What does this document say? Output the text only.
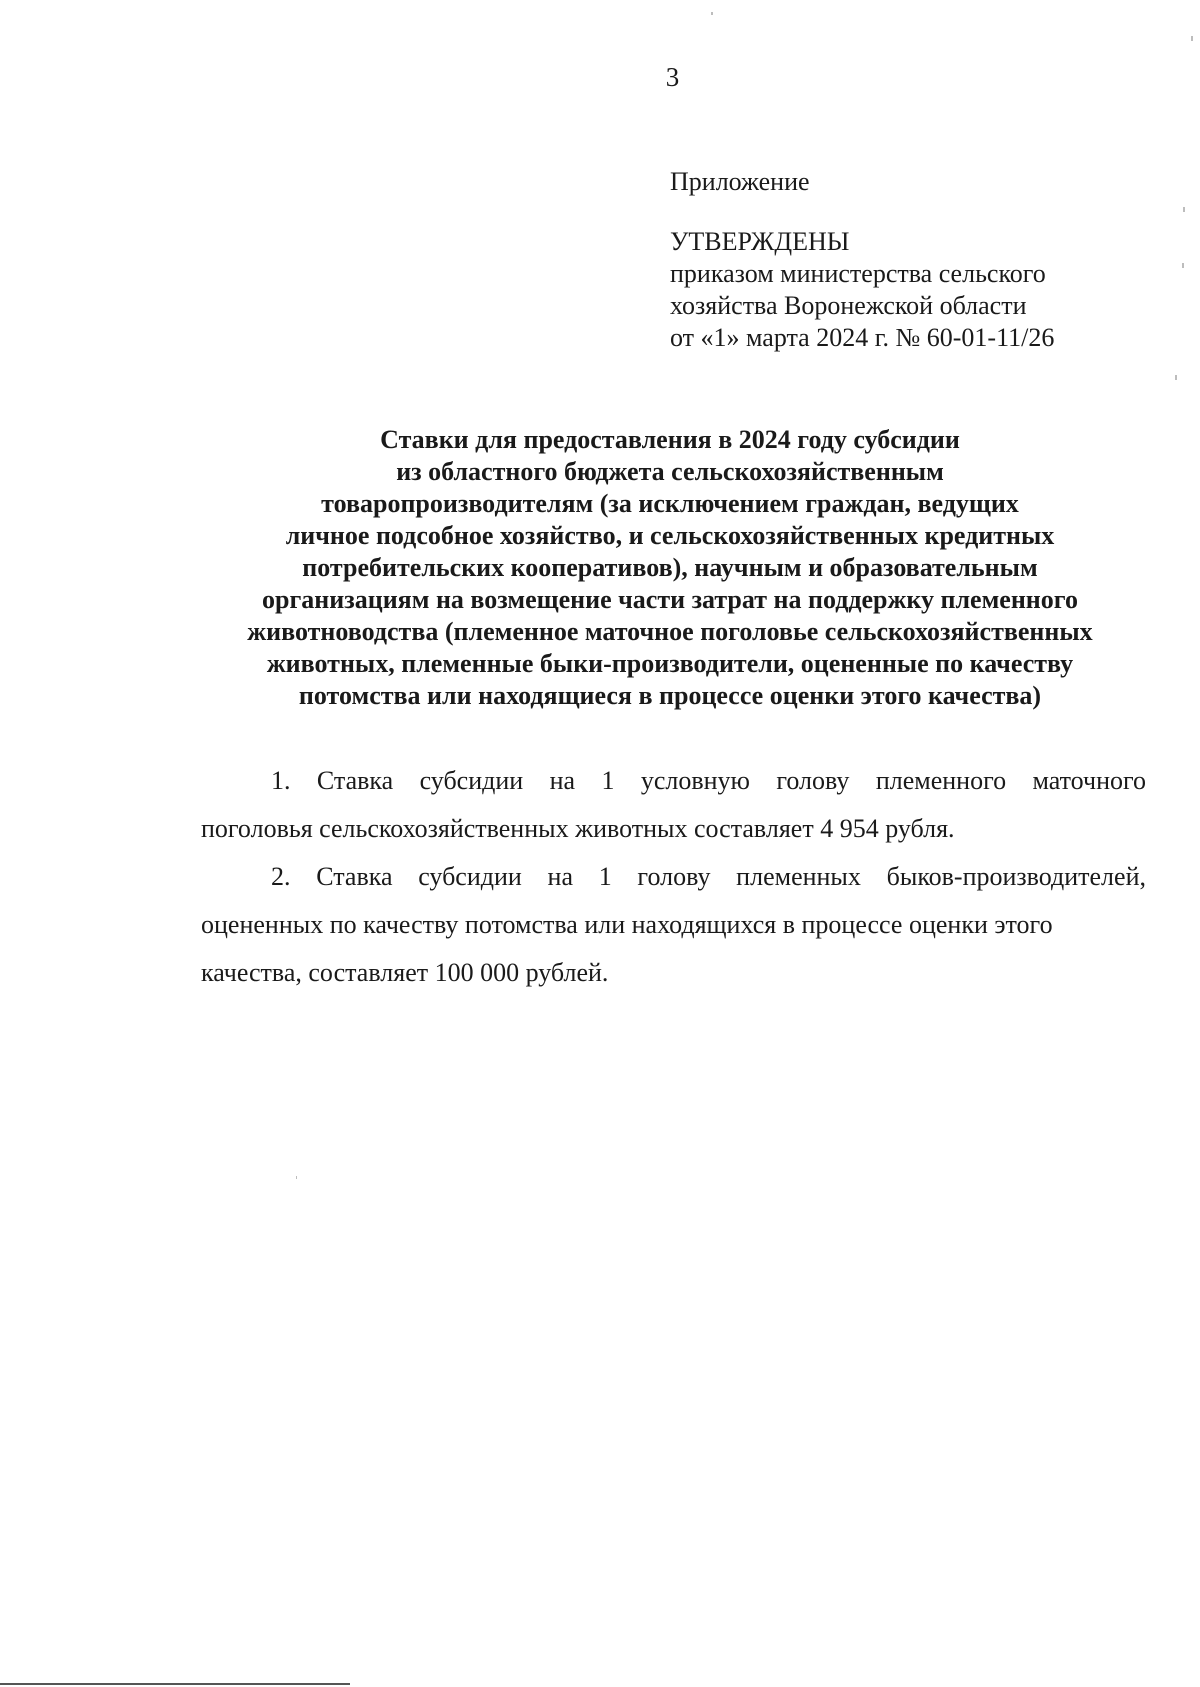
3
Приложение
УТВЕРЖДЕНЫ
приказом министерства сельского
хозяйства Воронежской области
от «1» марта 2024 г. № 60-01-11/26
Ставки для предоставления в 2024 году субсидии
из областного бюджета сельскохозяйственным
товаропроизводителям (за исключением граждан, ведущих
личное подсобное хозяйство, и сельскохозяйственных кредитных
потребительских кооперативов), научным и образовательным
организациям на возмещение части затрат на поддержку племенного
животноводства (племенное маточное поголовье сельскохозяйственных
животных, племенные быки-производители, оцененные по качеству
потомства или находящиеся в процессе оценки этого качества)
1. Ставка субсидии на 1 условную голову племенного маточного
поголовья сельскохозяйственных животных составляет 4 954 рубля.
2. Ставка субсидии на 1 голову племенных быков-производителей,
оцененных по качеству потомства или находящихся в процессе оценки этого
качества, составляет 100 000 рублей.
